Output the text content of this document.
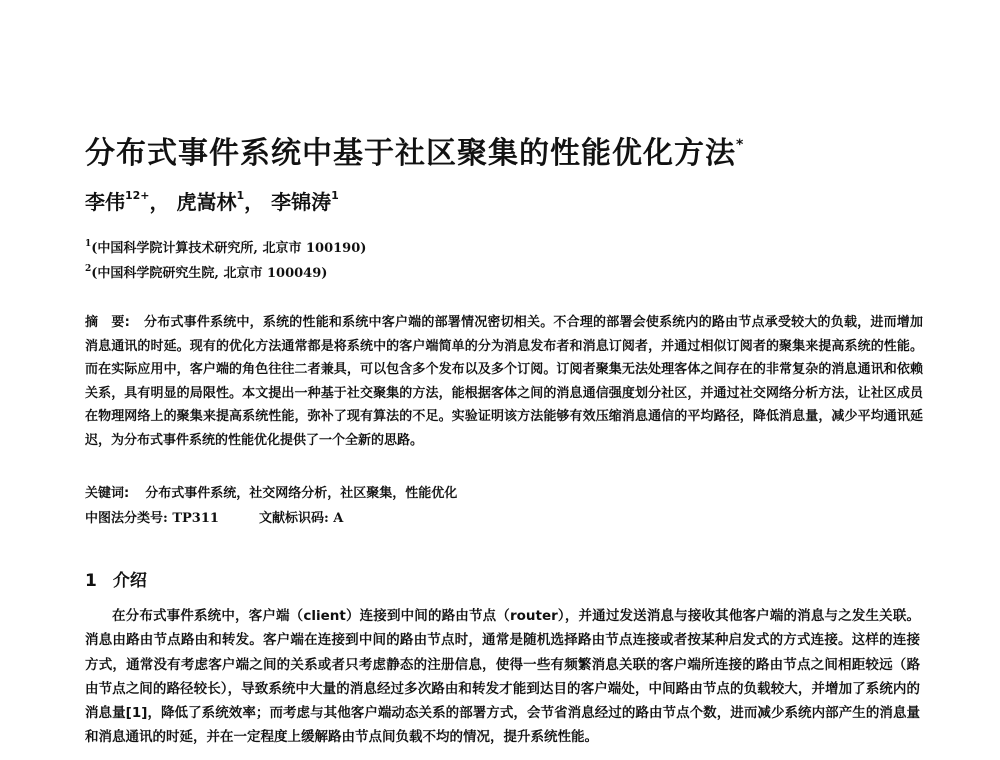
分布式事件系统中基于社区聚集的性能优化方法*
李伟$^{12+}$， 虎嵩林$^1$， 李锦涛$^1$
$^1$(中国科学院计算技术研究所, 北京市 100190)
$^2$(中国科学院研究生院, 北京市 100049)
摘　要: 分布式事件系统中，系统的性能和系统中客户端的部署情况密切相关。不合理的部署会使系统内的路由节点承受较大的负载，进而增加消息通讯的时延。现有的优化方法通常都是将系统中的客户端简单的分为消息发布者和消息订阅者，并通过相似订阅者的聚集来提高系统的性能。而在实际应用中，客户端的角色往往二者兼具，可以包含多个发布以及多个订阅。订阅者聚集无法处理客体之间存在的非常复杂的消息通讯和依赖关系，具有明显的局限性。本文提出一种基于社交聚集的方法，能根据客体之间的消息通信强度划分社区，并通过社交网络分析方法，让社区成员在物理网络上的聚集来提高系统性能，弥补了现有算法的不足。实验证明该方法能够有效压缩消息通信的平均路径，降低消息量，减少平均通讯延迟，为分布式事件系统的性能优化提供了一个全新的思路。
关键词: 分布式事件系统，社交网络分析，社区聚集，性能优化
中图法分类号: TP311	文献标识码: A
1 介绍
在分布式事件系统中，客户端（client）连接到中间的路由节点（router），并通过发送消息与接收其他客户端的消息与之发生关联。消息由路由节点路由和转发。客户端在连接到中间的路由节点时，通常是随机选择路由节点连接或者按某种启发式的方式连接。这样的连接方式，通常没有考虑客户端之间的关系或者只考虑静态的注册信息，使得一些有频繁消息关联的客户端所连接的路由节点之间相距较远（路由节点之间的路径较长），导致系统中大量的消息经过多次路由和转发才能到达目的客户端处，中间路由节点的负载较大，并增加了系统内的消息量[1]，降低了系统效率；而考虑与其他客户端动态关系的部署方式，会节省消息经过的路由节点个数，进而减少系统内部产生的消息量和消息通讯的时延，并在一定程度上缓解路由节点间负载不均的情况，提升系统性能。
